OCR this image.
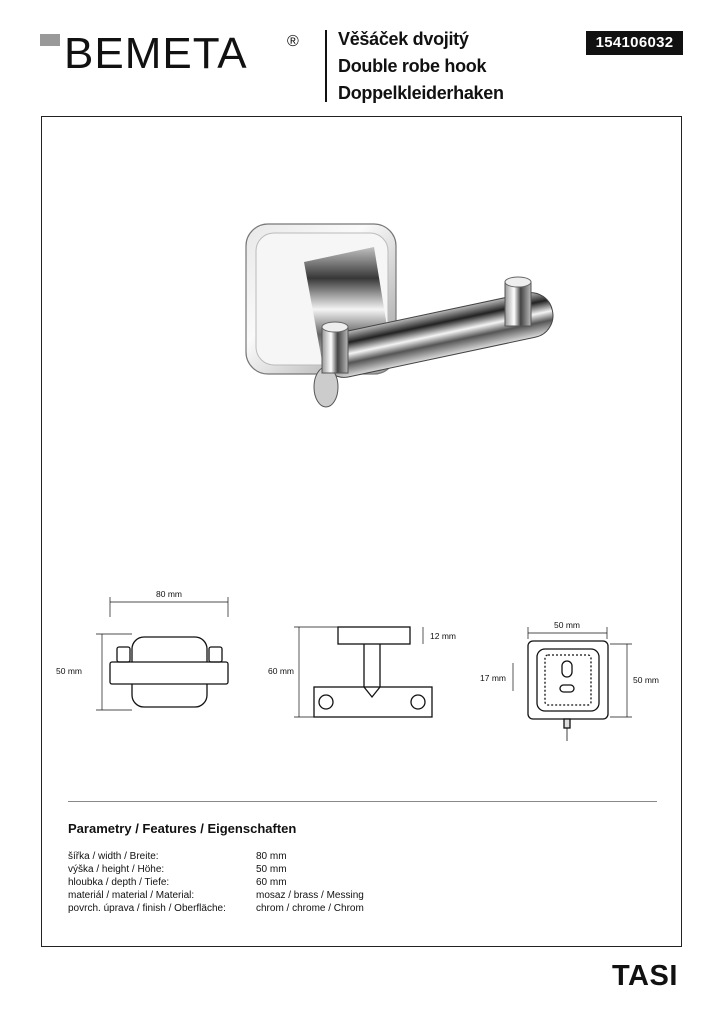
BEMETA ® Věšáček dvojitý
Double robe hook
Doppelkleiderhaken
154106032
80 mm
50 mm	60 mm
12 mm
50 mm
17 mm	50 mm
Parametry / Features / Eigenschaften
šířka / width / Breite:	80 mm
výška / height / Höhe:	50 mm
hloubka / depth / Tiefe:	60 mm
materiál / material / Material:	mosaz / brass / Messing
povrch. úprava / finish / Oberfläche:	chrom / chrome / Chrom
TASI
